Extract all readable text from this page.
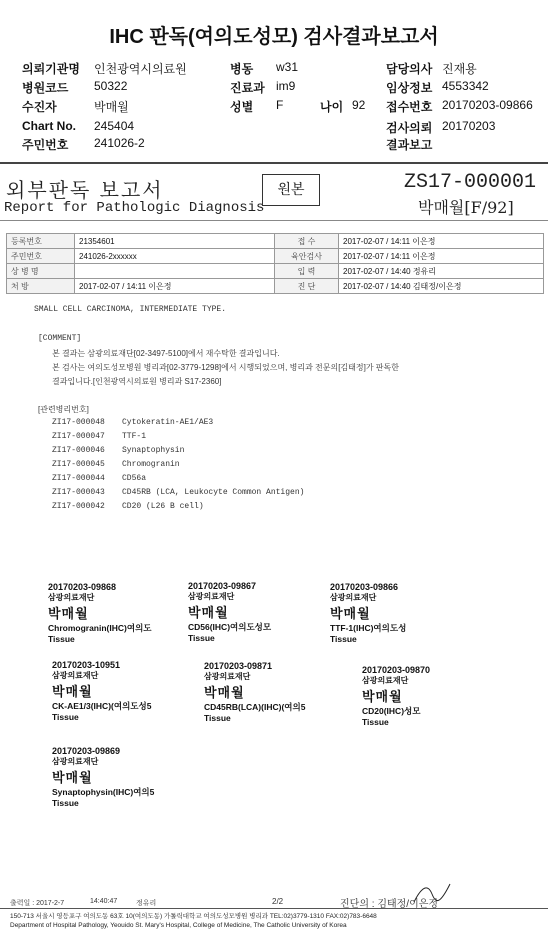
IHC 판독(여의도성모) 검사결과보고서
의뢰기관명 인천광역시의료원
병원코드 50322
수진자	박매월
Chart No. 245404
주민번호 241026-2
병동 w31
진료과 im9
성별 F	나이 92
담당의사 진재용
임상정보 4553342
접수번호 20170203-09866
검사의뢰 20170203
결과보고
외부판독 보고서
Report for Pathologic Diagnosis
원본	ZS17-000001
박매월[F/92]
등록번호	21354601	접 수	2017-02-07 / 14:11 이은정
주민번호	241026-2xxxxxx	육안검사	2017-02-07 / 14:11 이은정
상 병 명		입 력	2017-02-07 / 14:40 정유리
처 방	2017-02-07 / 14:11 이은정	진 단	2017-02-07 / 14:40 김태정/이은정
SMALL CELL CARCINOMA, INTERMEDIATE TYPE.
[COMMENT]
본 결과는 삼광의료재단[02-3497-5100]에서 재수탁한 결과입니다.
본 검사는 여의도성모병원 병리과[02-3779-1298]에서 시행되었으며, 병리과 전문의[김태정]가 판독한
결과입니다.[인천광역시의료원 병리과 S17-2360]
[관련병리번호]
ZI17-000048 Cytokeratin-AE1/AE3
ZI17-000047 TTF-1
ZI17-000046 Synaptophysin
ZI17-000045 Chromogranin
ZI17-000044 CD56a
ZI17-000043 CD45RB (LCA, Leukocyte Common Antigen)
ZI17-000042 CD20 (L26 B cell)
20170203-09868
삼광의료재단
박매월
Chromogranin(IHC)여의도
Tissue
20170203-09867
삼광의료재단
박매월
CD56(IHC)여의도성모
Tissue
20170203-09866
삼광의료재단
박매월
TTF-1(IHC)여의도성
Tissue
20170203-10951
삼광의료재단
박매월
CK-AE1/3(IHC)(여의도성5
Tissue
20170203-09871
삼광의료재단
박매월
CD45RB(LCA)(IHC)(여의5
Tissue
20170203-09870
삼광의료재단
박매월
CD20(IHC)성모
Tissue
20170203-09869
삼광의료재단
박매월
Synaptophysin(IHC)여의5
Tissue
출력일 : 2017-2-7	14:40:47	정유리	2/2	진단의 : 김태정/이은정
150-713 서울시 영등포구 여의도동 63호 10(여의도동) 가톨릭대학교 여의도성모병원 병리과 TEL:02)3779-1310 FAX:02)783-6648
Department of Hospital Pathology, Yeouido St. Mary's Hospital, College of Medicine, The Catholic University of Korea
